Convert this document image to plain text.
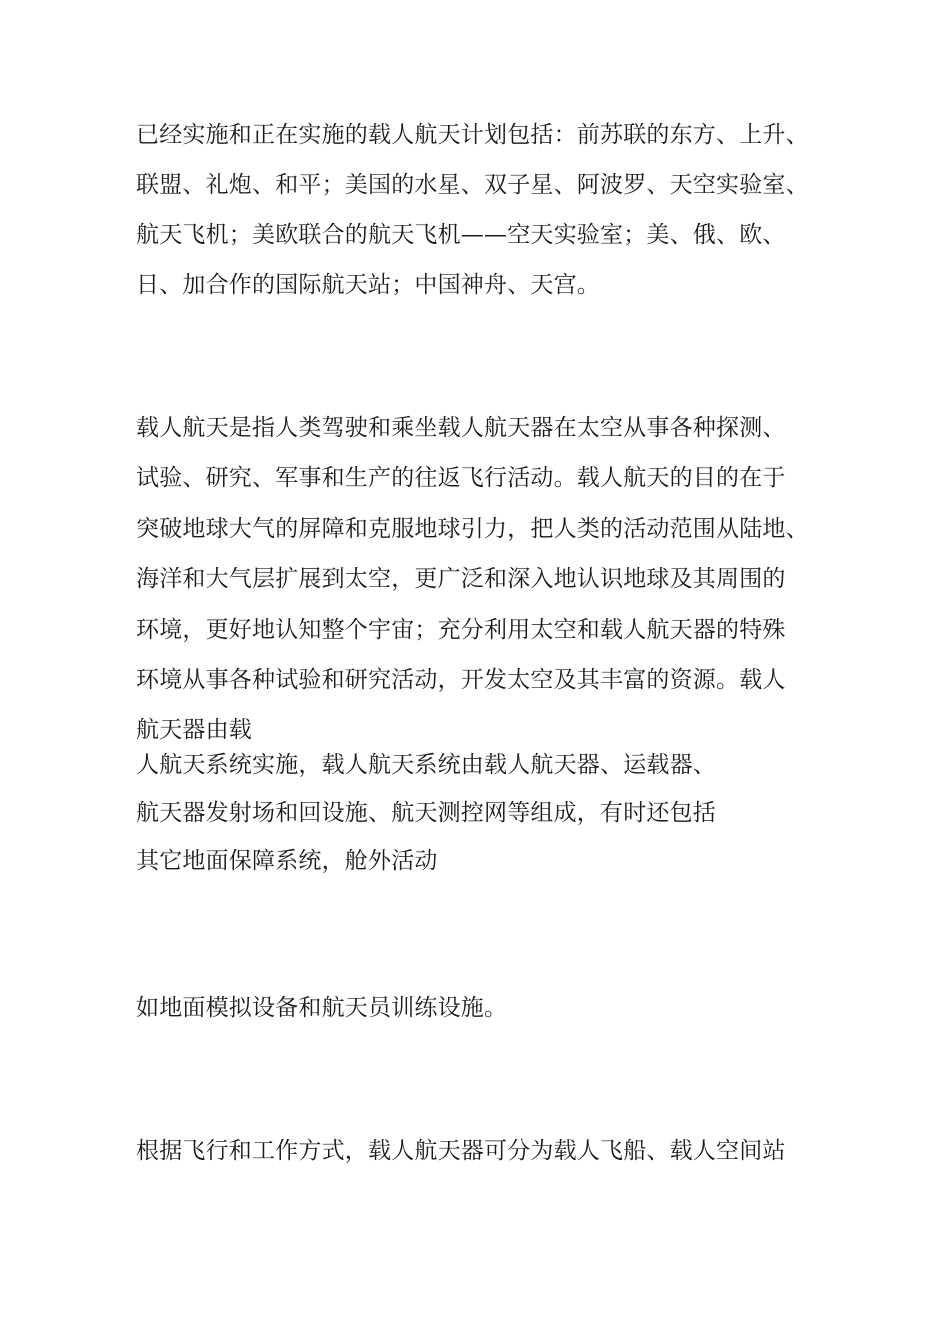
已经实施和正在实施的载人航天计划包括：前苏联的东方、上升、
联盟、礼炮、和平；美国的水星、双子星、阿波罗、天空实验室、
航天飞机；美欧联合的航天飞机——空天实验室；美、俄、欧、
日、加合作的国际航天站；中国神舟、天宫。
载人航天是指人类驾驶和乘坐载人航天器在太空从事各种探测、
试验、研究、军事和生产的往返飞行活动。载人航天的目的在于
突破地球大气的屏障和克服地球引力，把人类的活动范围从陆地、
海洋和大气层扩展到太空，更广泛和深入地认识地球及其周围的
环境，更好地认知整个宇宙；充分利用太空和载人航天器的特殊
环境从事各种试验和研究活动，开发太空及其丰富的资源。载人
航天器由载
人航天系统实施，载人航天系统由载人航天器、运载器、
航天器发射场和回设施、航天测控网等组成，有时还包括
其它地面保障系统，舱外活动
如地面模拟设备和航天员训练设施。
根据飞行和工作方式，载人航天器可分为载人飞船、载人空间站
